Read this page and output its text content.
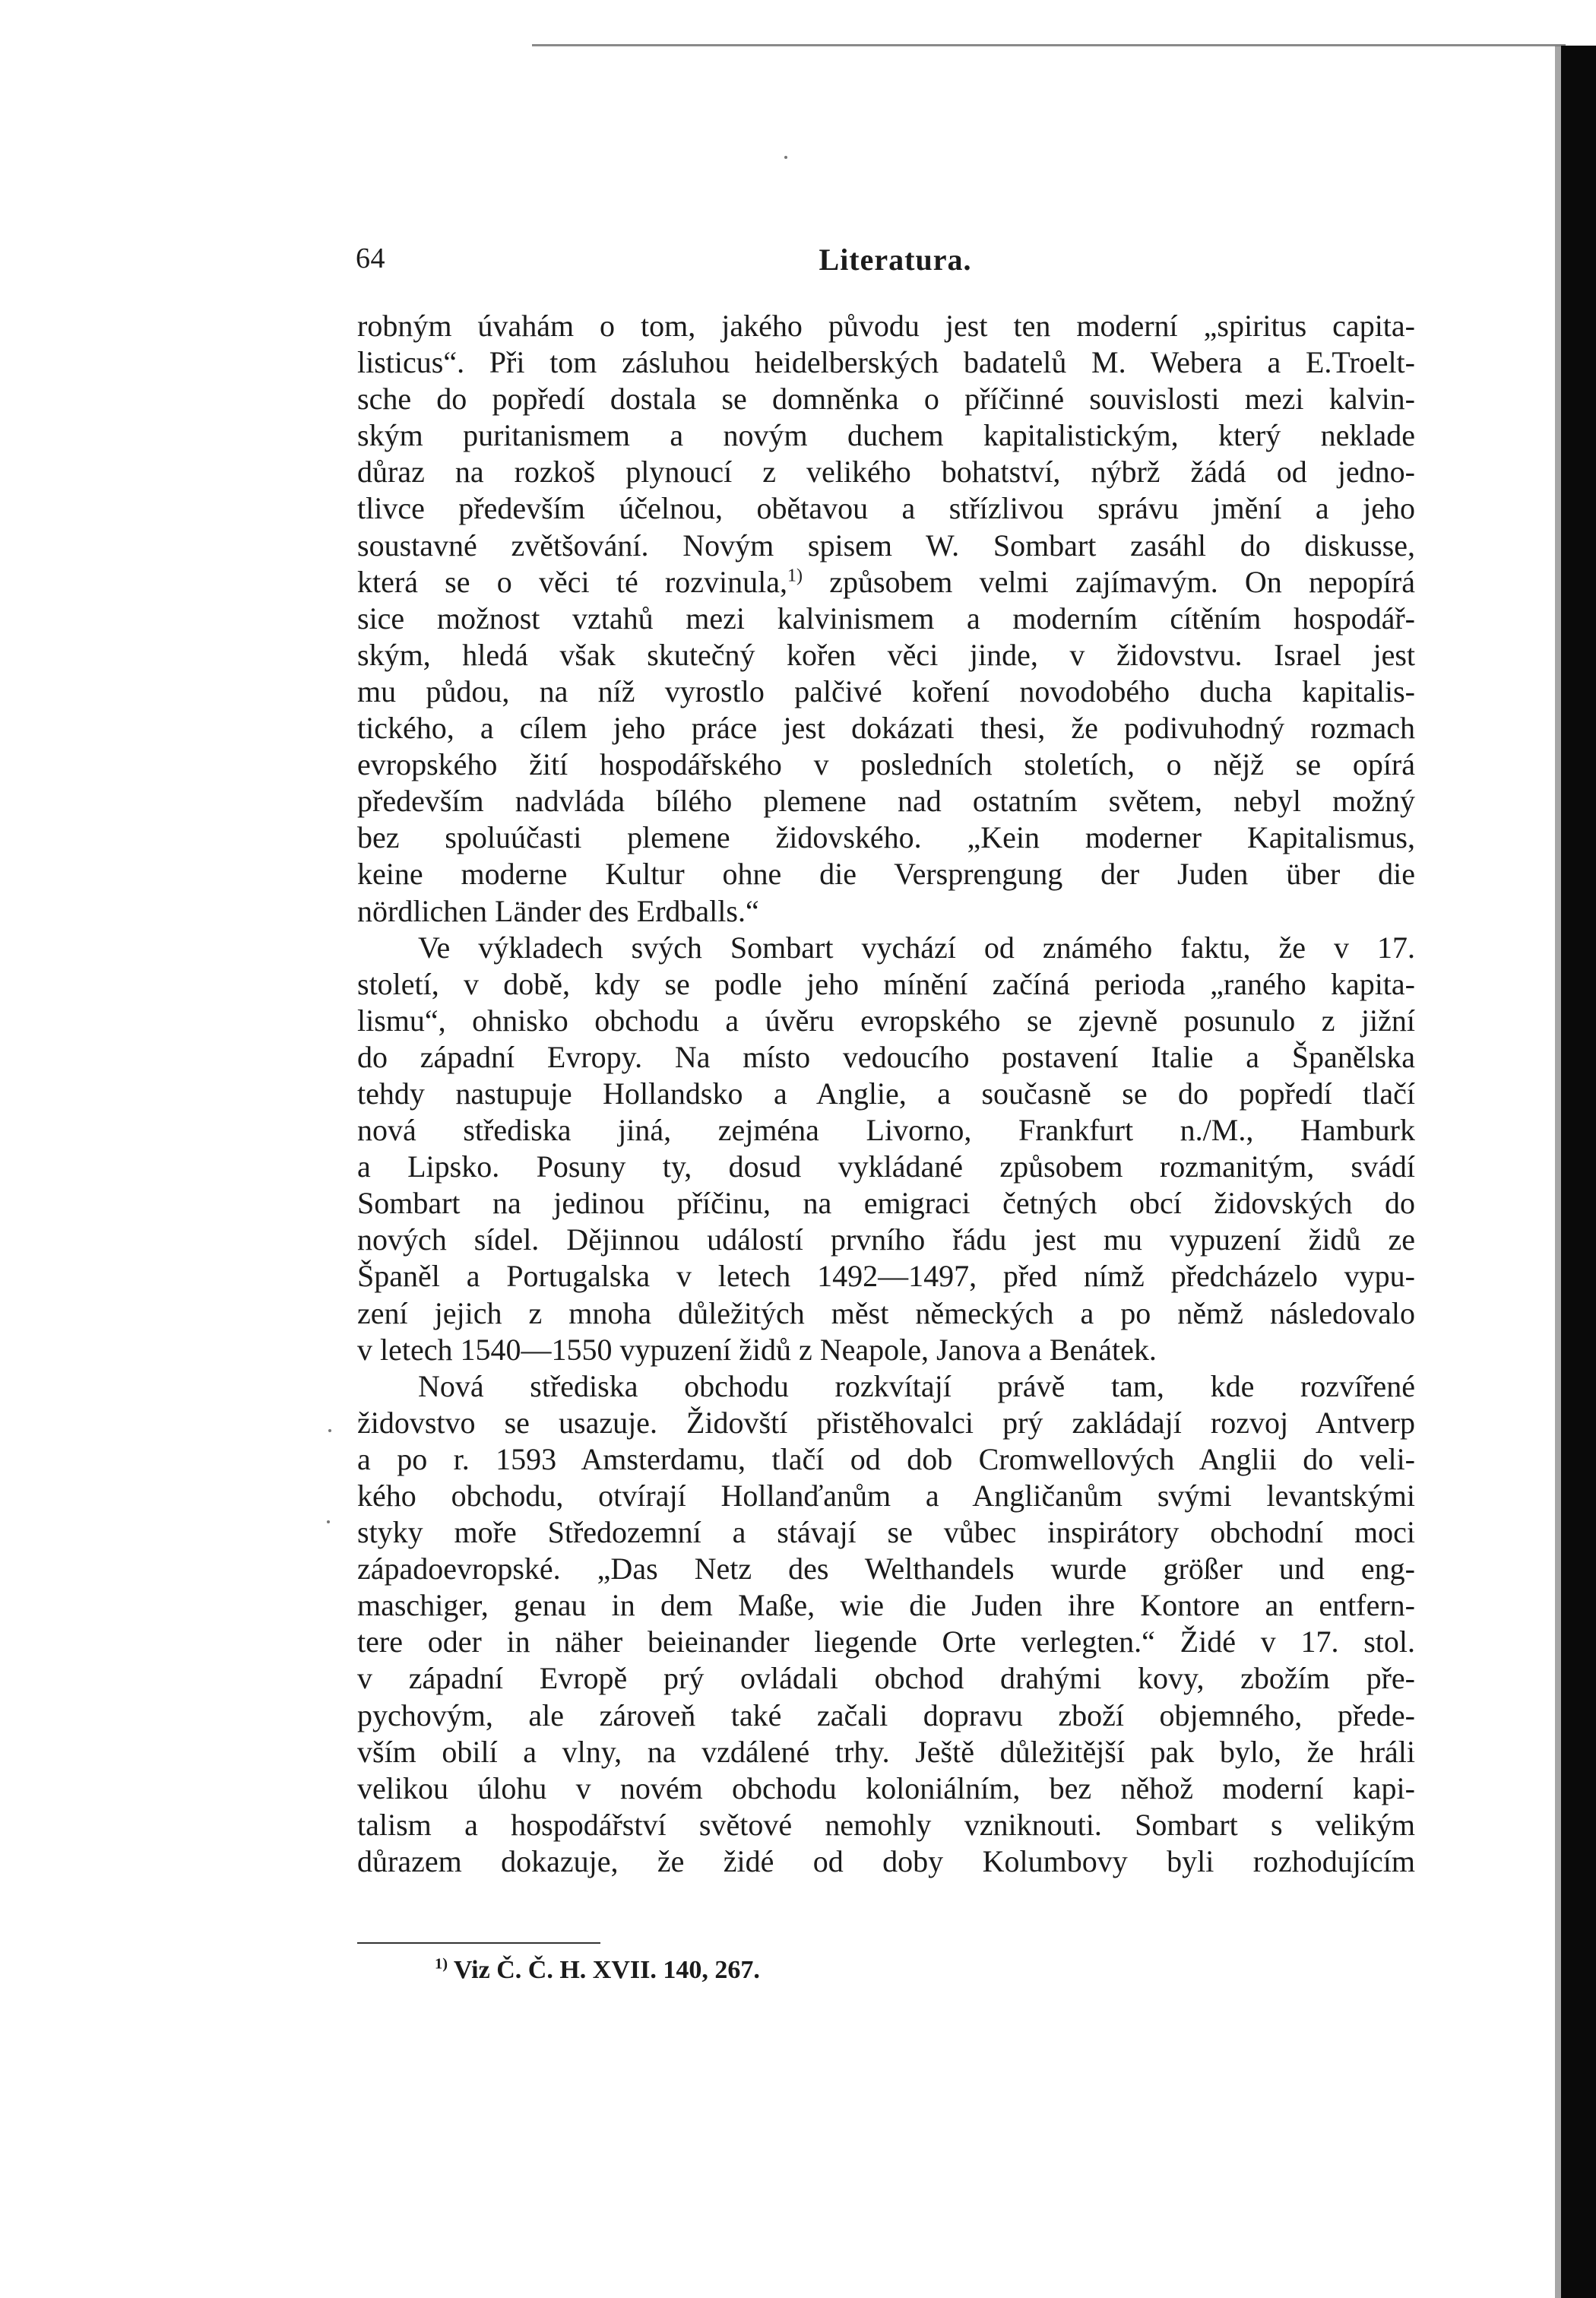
64	Literatura.
robným úvahám o tom, jakého původu jest ten moderní „spiritus capita-
listicus“. Při tom zásluhou heidelberských badatelů M. Webera a E.Troelt-
sche do popředí dostala se domněnka o příčinné souvislosti mezi kalvin-
ským puritanismem a novým duchem kapitalistickým, který neklade
důraz na rozkoš plynoucí z velikého bohatství, nýbrž žádá od jedno-
tlivce především účelnou, obětavou a střízlivou správu jmění a jeho
soustavné zvětšování. Novým spisem W. Sombart zasáhl do diskusse,
která se o věci té rozvinula,$^{1)}$ způsobem velmi zajímavým. On nepopírá
sice možnost vztahů mezi kalvinismem a moderním cítěním hospodář-
ským, hledá však skutečný kořen věci jinde, v židovstvu. Israel jest
mu půdou, na níž vyrostlo palčivé koření novodobého ducha kapitalis-
tického, a cílem jeho práce jest dokázati thesi, že podivuhodný rozmach
evropského žití hospodářského v posledních stoletích, o nějž se opírá
především nadvláda bílého plemene nad ostatním světem, nebyl možný
bez spoluúčasti plemene židovského. „Kein moderner Kapitalismus,
keine moderne Kultur ohne die Versprengung der Juden über die
nördlichen Länder des Erdballs.“
Ve výkladech svých Sombart vychází od známého faktu, že v 17.
století, v době, kdy se podle jeho mínění začíná perioda „raného kapita-
lismu“, ohnisko obchodu a úvěru evropského se zjevně posunulo z jižní
do západní Evropy. Na místo vedoucího postavení Italie a Španělska
tehdy nastupuje Hollandsko a Anglie, a současně se do popředí tlačí
nová střediska jiná, zejména Livorno, Frankfurt n./M., Hamburk
a Lipsko. Posuny ty, dosud vykládané způsobem rozmanitým, svádí
Sombart na jedinou příčinu, na emigraci četných obcí židovských do
nových sídel. Dějinnou událostí prvního řádu jest mu vypuzení židů ze
Španěl a Portugalska v letech 1492—1497, před nímž předcházelo vypu-
zení jejich z mnoha důležitých měst německých a po němž následovalo
v letech 1540—1550 vypuzení židů z Neapole, Janova a Benátek.
Nová střediska obchodu rozkvítají právě tam, kde rozvířené
židovstvo se usazuje. Židovští přistěhovalci prý zakládají rozvoj Antverp
a po r. 1593 Amsterdamu, tlačí od dob Cromwellových Anglii do veli-
kého obchodu, otvírají Hollanďanům a Angličanům svými levantskými
styky moře Středozemní a stávají se vůbec inspirátory obchodní moci
západoevropské. „Das Netz des Welthandels wurde größer und eng-
maschiger, genau in dem Maße, wie die Juden ihre Kontore an entfern-
tere oder in näher beieinander liegende Orte verlegten.“ Židé v 17. stol.
v západní Evropě prý ovládali obchod drahými kovy, zbožím pře-
pychovým, ale zároveň také začali dopravu zboží objemného, přede-
vším obilí a vlny, na vzdálené trhy. Ještě důležitější pak bylo, že hráli
velikou úlohu v novém obchodu koloniálním, bez něhož moderní kapi-
talism a hospodářství světové nemohly vzniknouti. Sombart s velikým
důrazem dokazuje, že židé od doby Kolumbovy byli rozhodujícím
$^{1)}$ Viz Č. Č. H. XVII. 140, 267.
